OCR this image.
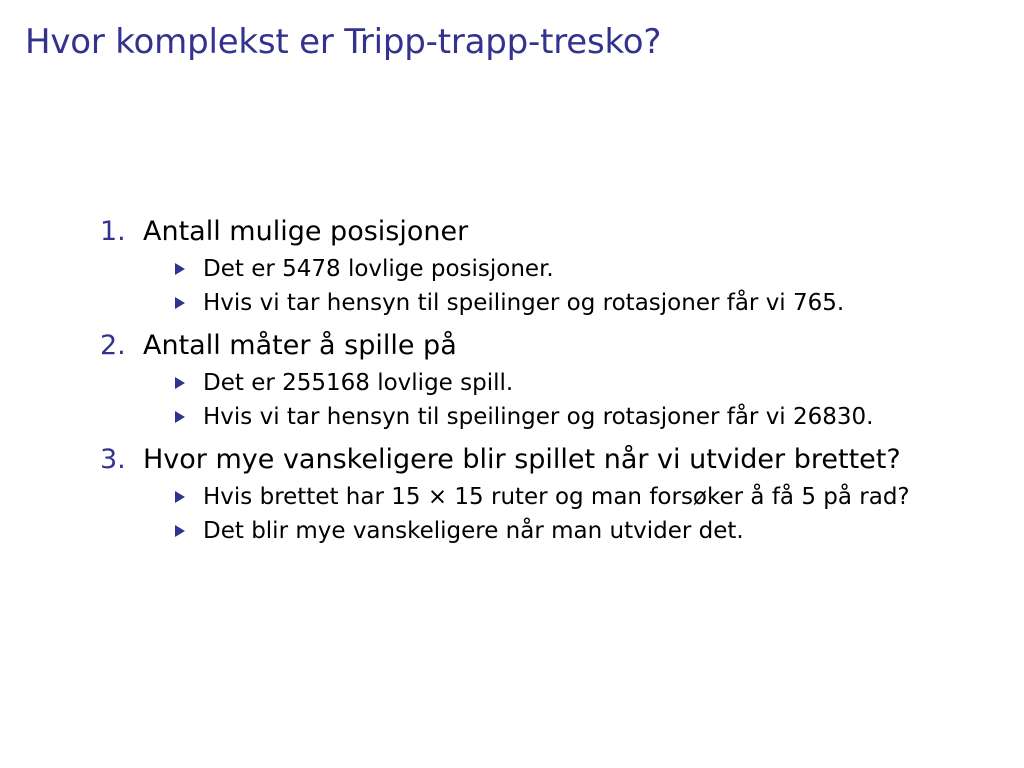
Hvor komplekst er Tripp-trapp-tresko?
1. Antall mulige posisjoner
Det er 5478 lovlige posisjoner.
Hvis vi tar hensyn til speilinger og rotasjoner får vi 765.
2. Antall måter å spille på
Det er 255168 lovlige spill.
Hvis vi tar hensyn til speilinger og rotasjoner får vi 26830.
3. Hvor mye vanskeligere blir spillet når vi utvider brettet?
Hvis brettet har 15 × 15 ruter og man forsøker å få 5 på rad?
Det blir mye vanskeligere når man utvider det.
